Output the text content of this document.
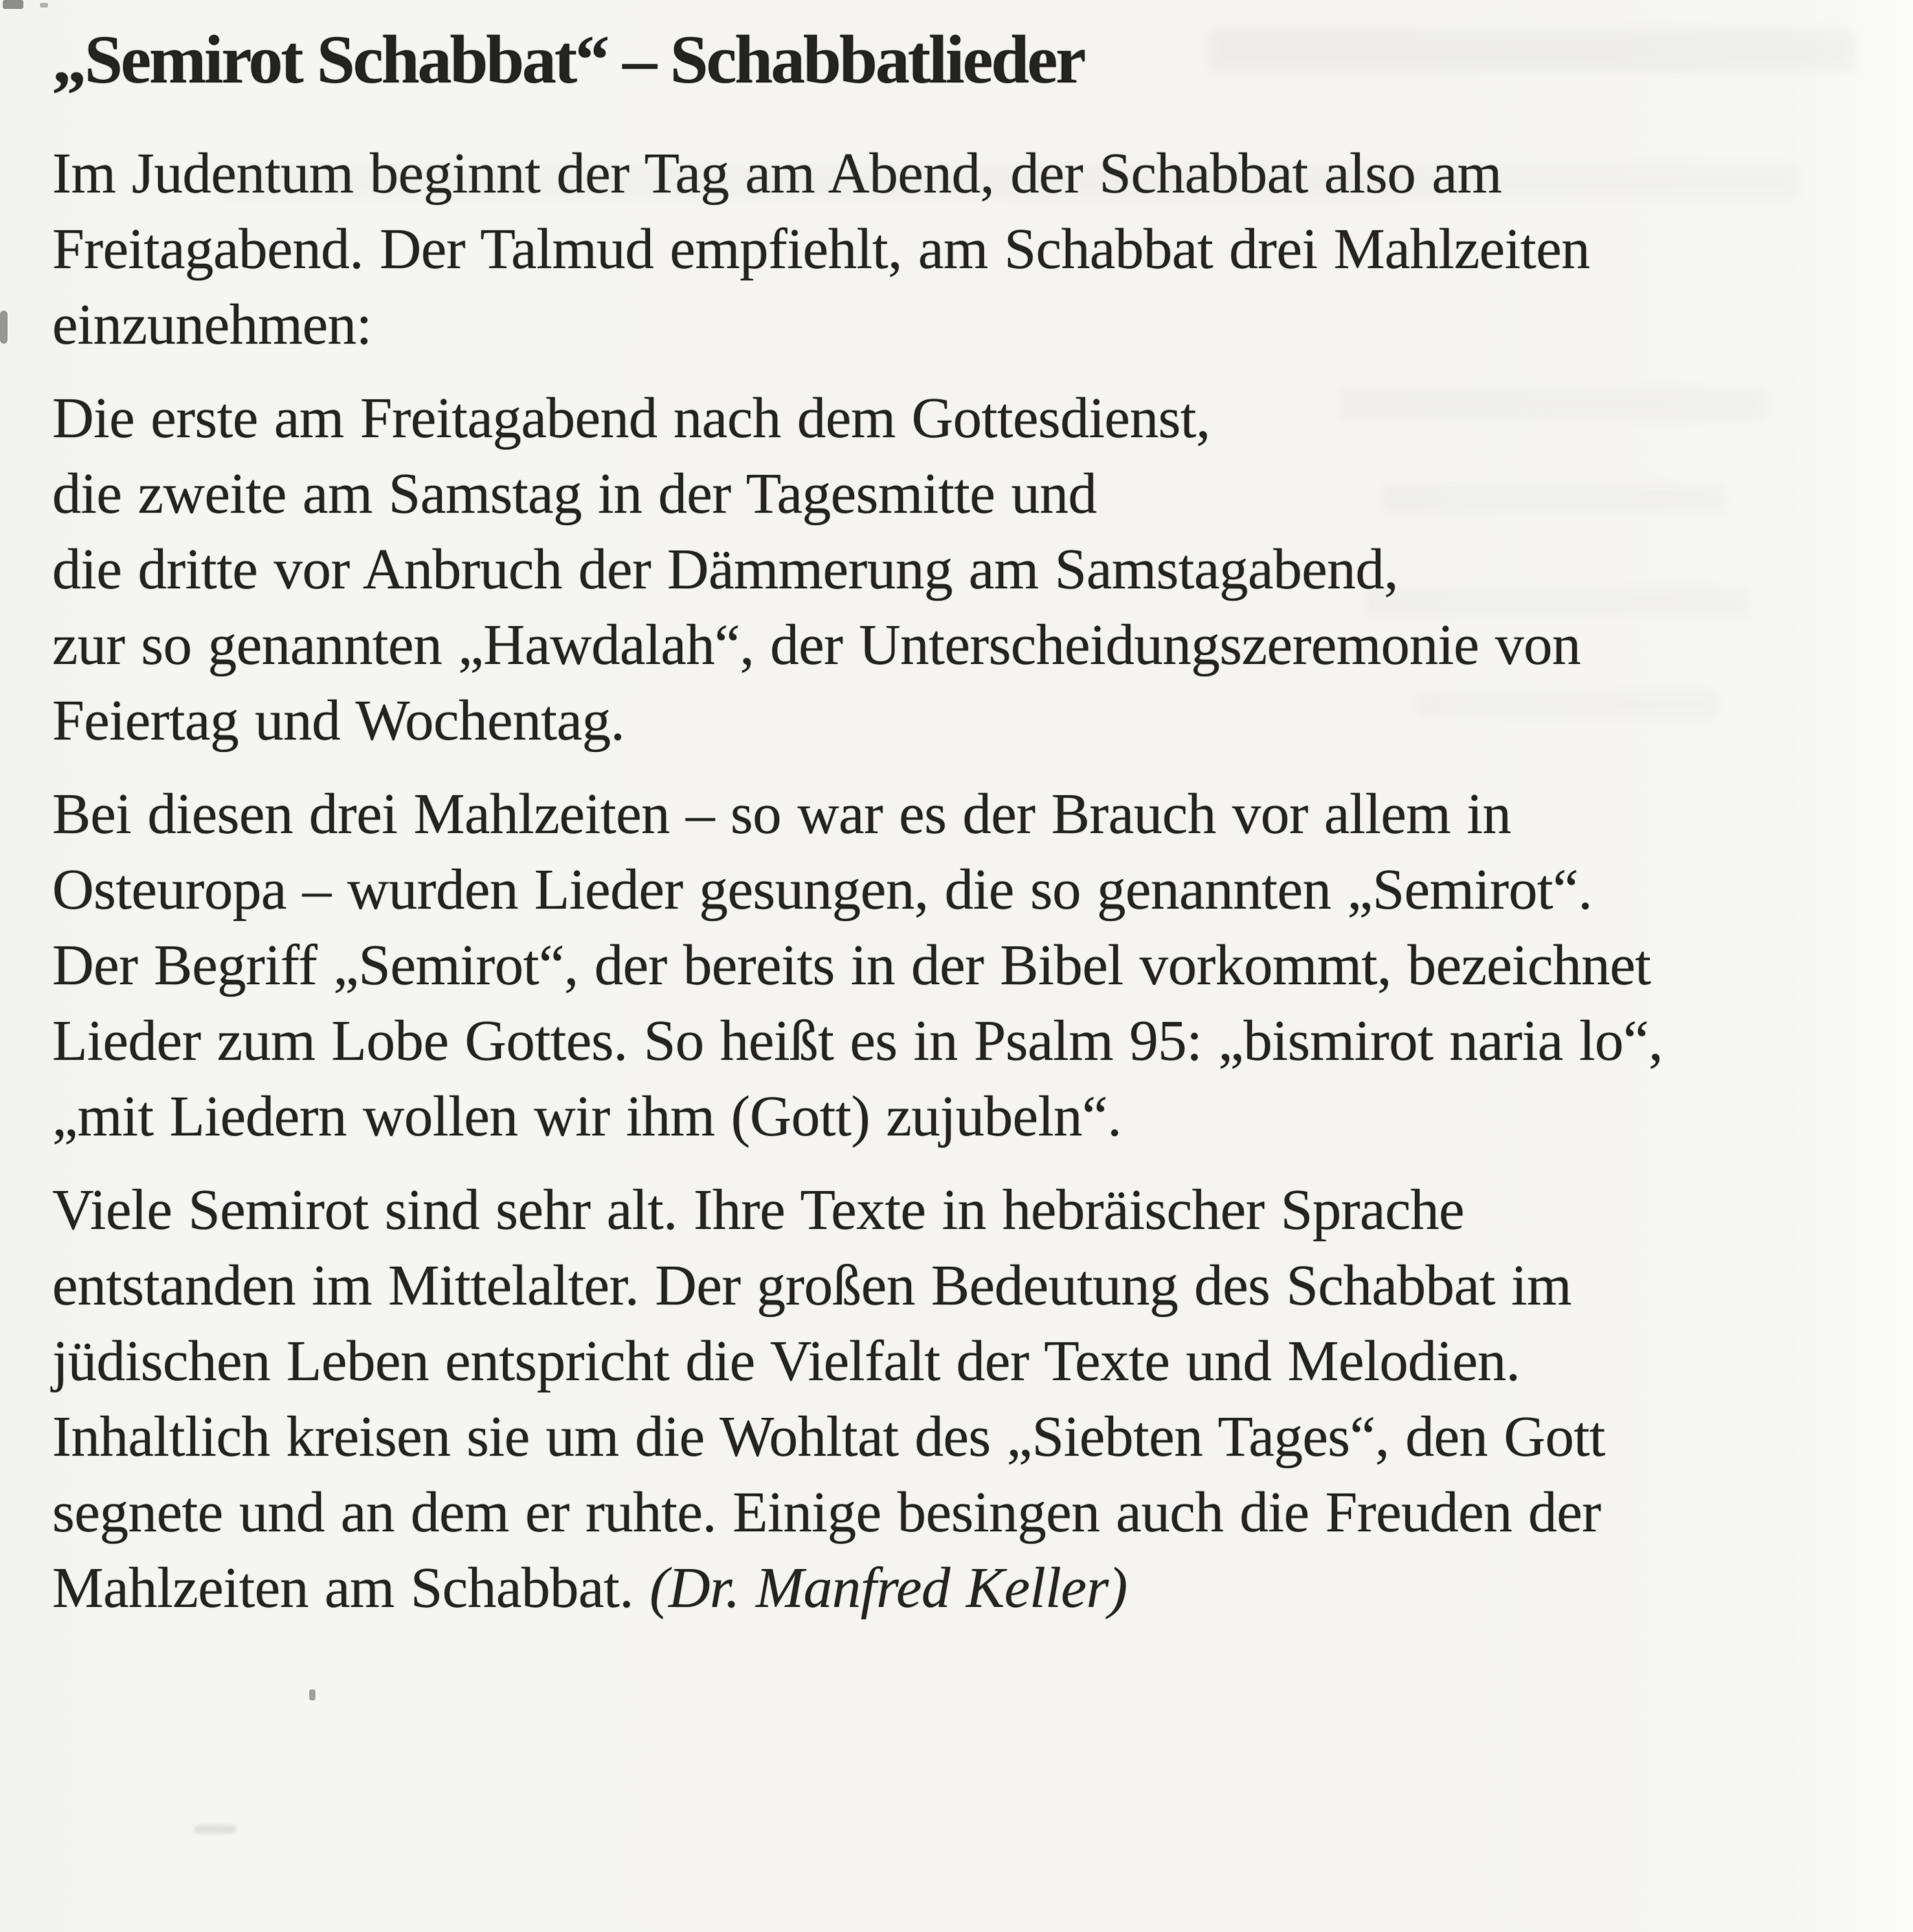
„Semirot Schabbat“ – Schabbatlieder
Im Judentum beginnt der Tag am Abend, der Schabbat also am
Freitagabend. Der Talmud empfiehlt, am Schabbat drei Mahlzeiten
einzunehmen:
Die erste am Freitagabend nach dem Gottesdienst,
die zweite am Samstag in der Tagesmitte und
die dritte vor Anbruch der Dämmerung am Samstagabend,
zur so genannten „Hawdalah“, der Unterscheidungszeremonie von
Feiertag und Wochentag.
Bei diesen drei Mahlzeiten – so war es der Brauch vor allem in
Osteuropa – wurden Lieder gesungen, die so genannten „Semirot“.
Der Begriff „Semirot“, der bereits in der Bibel vorkommt, bezeichnet
Lieder zum Lobe Gottes. So heißt es in Psalm 95: „bismirot naria lo“,
„mit Liedern wollen wir ihm (Gott) zujubeln“.
Viele Semirot sind sehr alt. Ihre Texte in hebräischer Sprache
entstanden im Mittelalter. Der großen Bedeutung des Schabbat im
jüdischen Leben entspricht die Vielfalt der Texte und Melodien.
Inhaltlich kreisen sie um die Wohltat des „Siebten Tages“, den Gott
segnete und an dem er ruhte. Einige besingen auch die Freuden der
Mahlzeiten am Schabbat. (Dr. Manfred Keller)
